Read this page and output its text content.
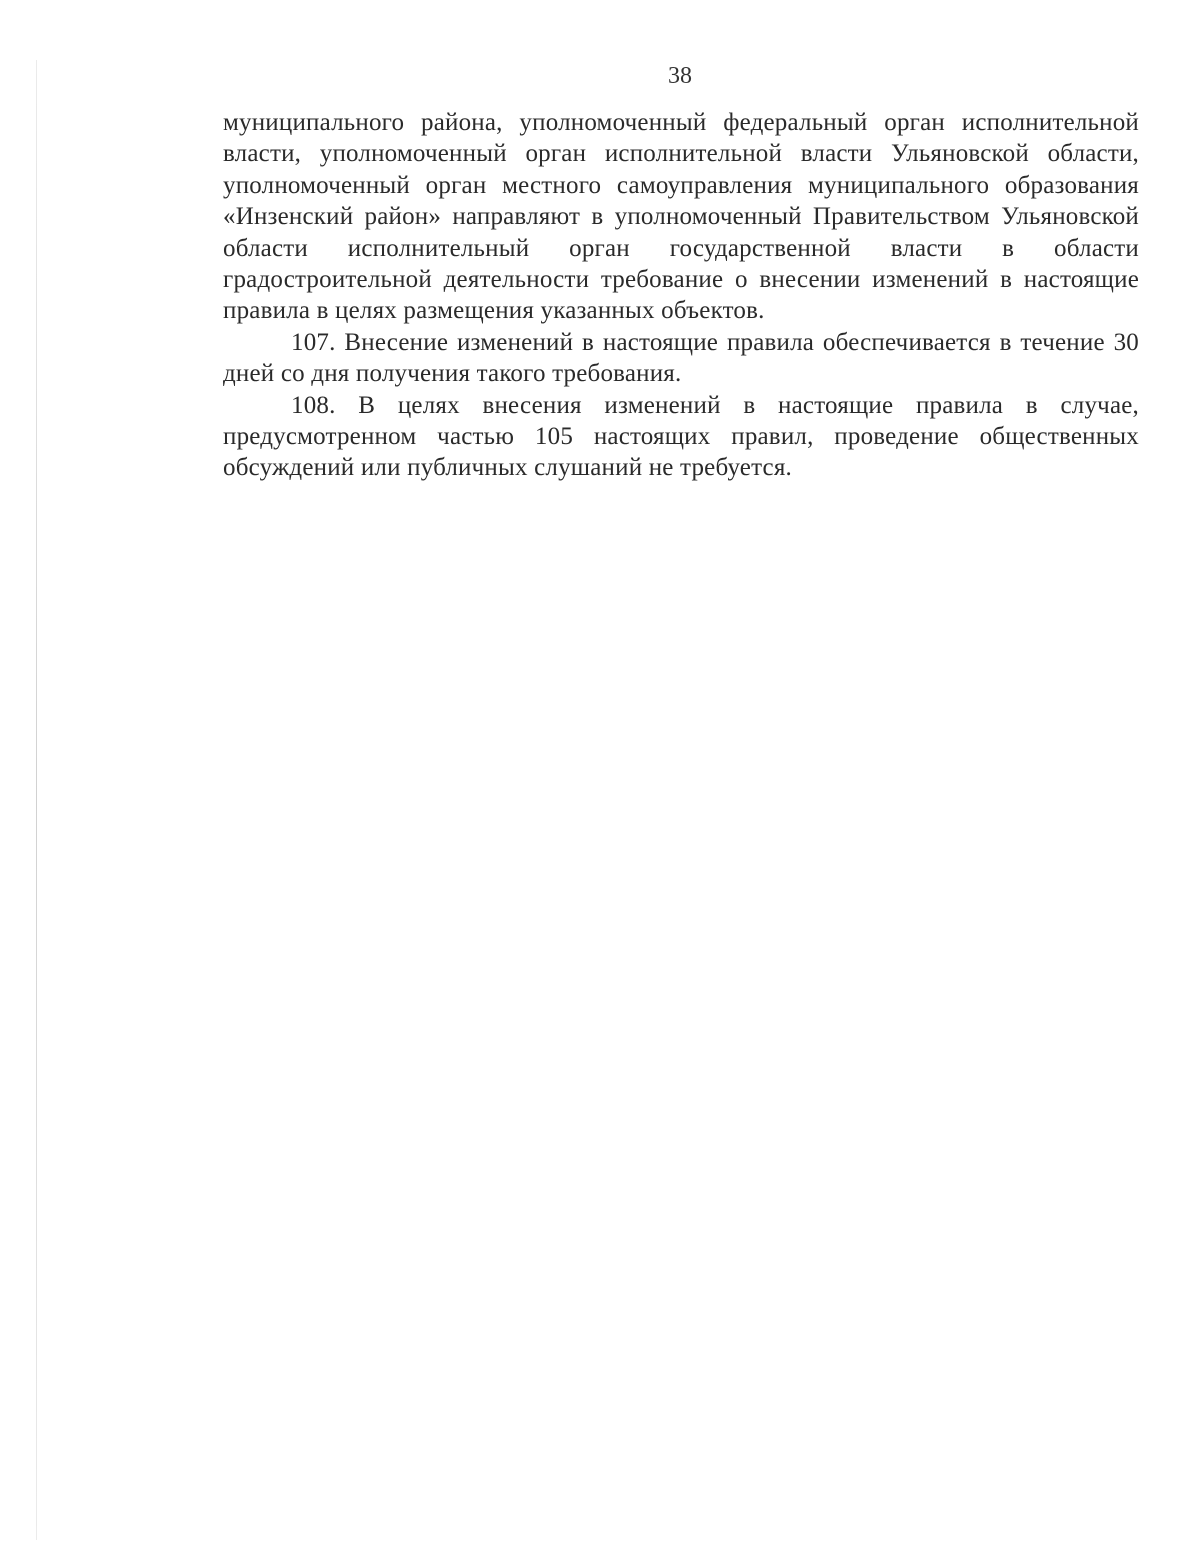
38

муниципального района, уполномоченный федеральный орган исполнительной власти, уполномоченный орган исполнительной власти Ульяновской области, уполномоченный орган местного самоуправления муниципального образования «Инзенский район» направляют в уполномоченный Правительством Ульяновской области исполнительный орган государственной власти в области градостроительной деятельности требование о внесении изменений в настоящие правила в целях размещения указанных объектов.

107. Внесение изменений в настоящие правила обеспечивается в течение 30 дней со дня получения такого требования.

108. В целях внесения изменений в настоящие правила в случае, предусмотренном частью 105 настоящих правил, проведение общественных обсуждений или публичных слушаний не требуется.
